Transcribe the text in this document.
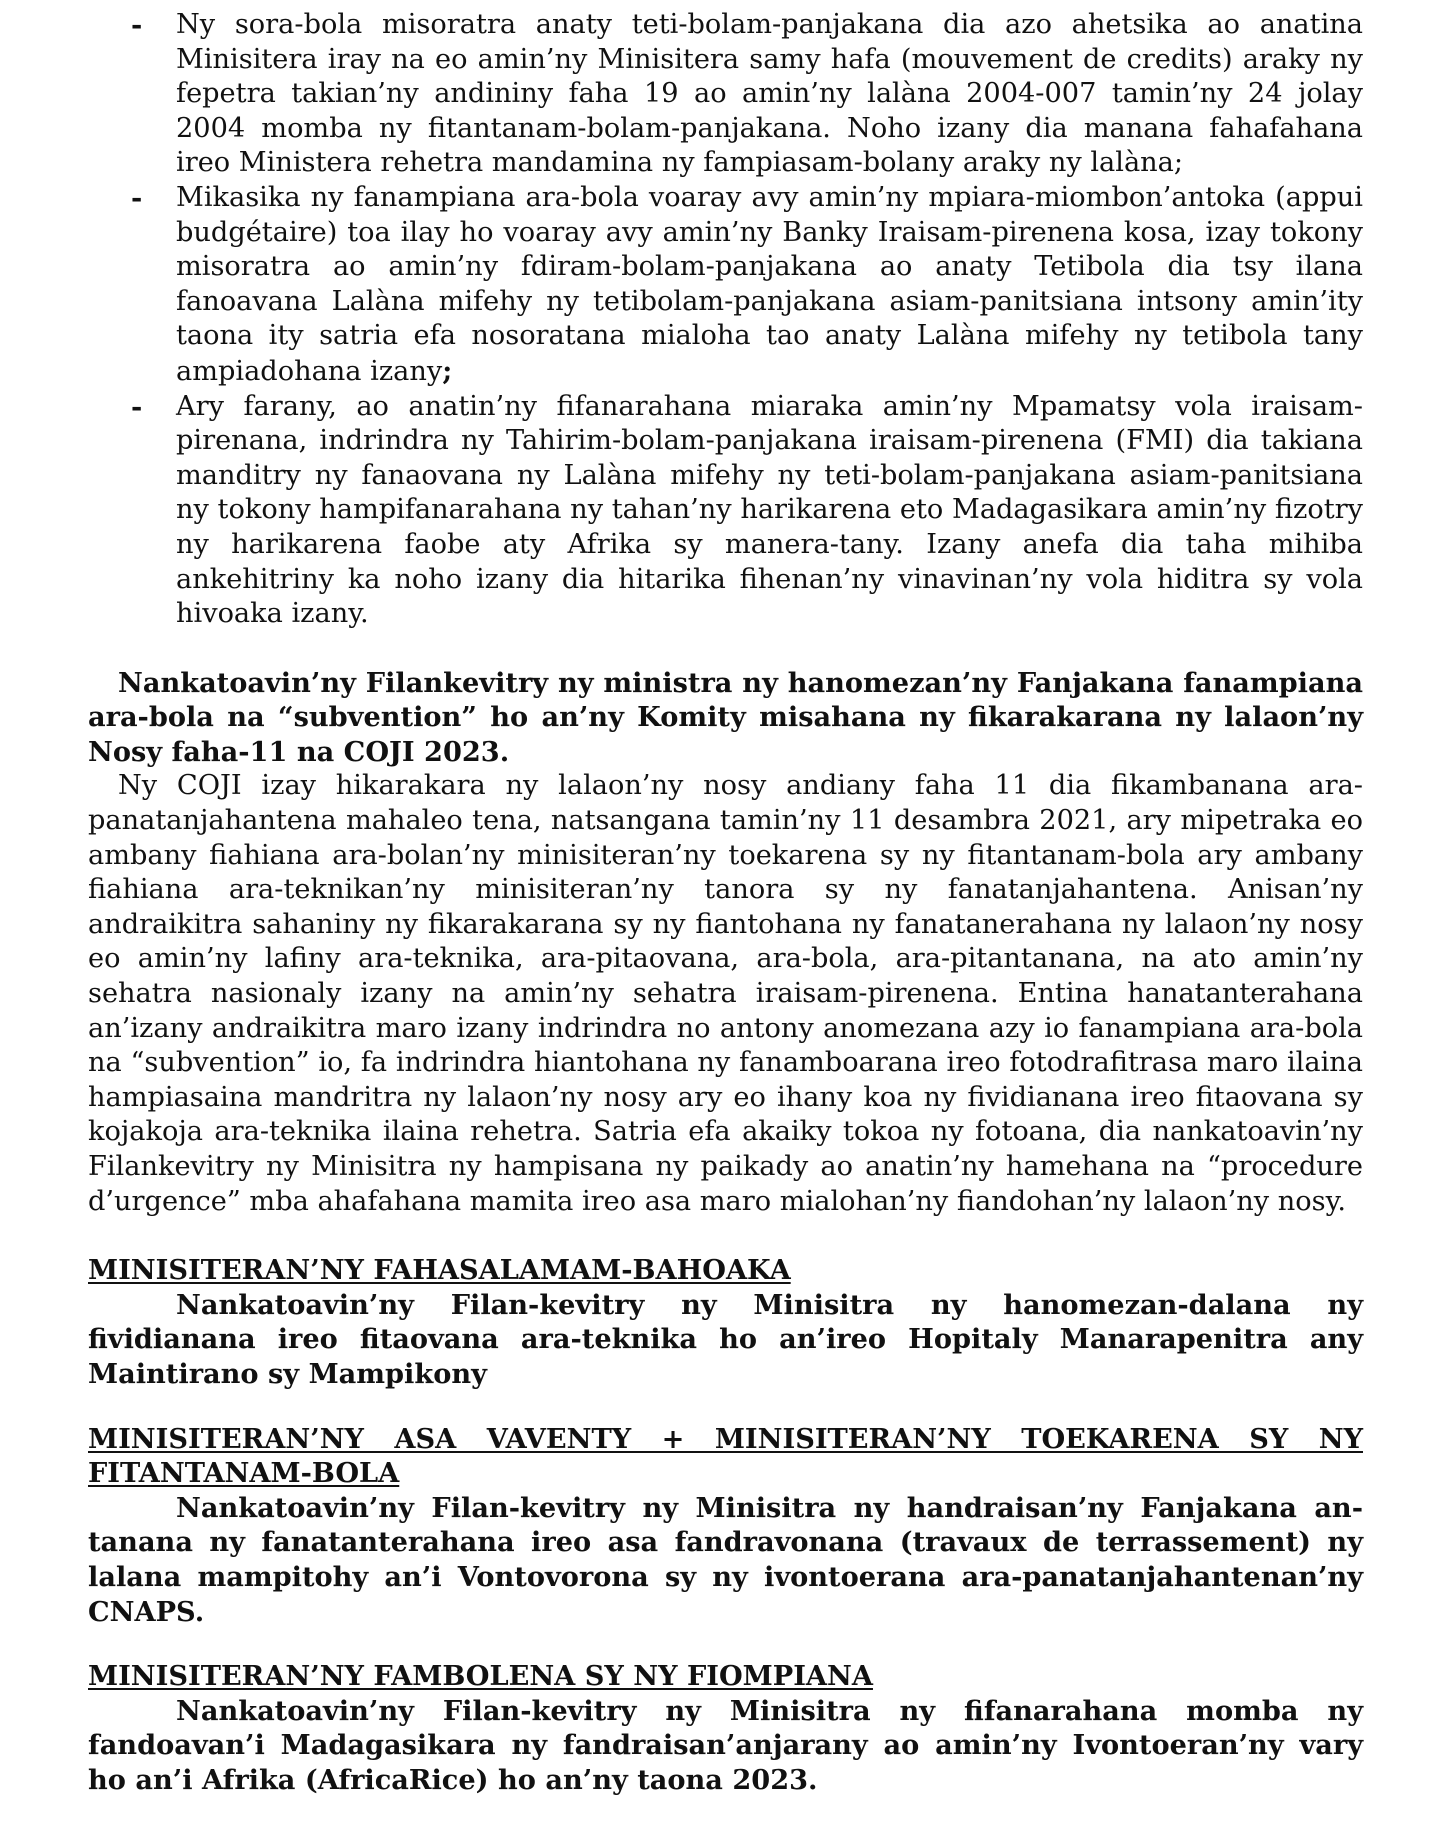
- Ny sora-bola misoratra anaty teti-bolam-panjakana dia azo ahetsika ao anatina Minisitera iray na eo amin’ny Minisitera samy hafa (mouvement de credits) araky ny fepetra takian’ny andininy faha 19 ao amin’ny lalàna 2004-007 tamin’ny 24 jolay 2004 momba ny fitantanam-bolam-panjakana. Noho izany dia manana fahafahana ireo Ministera rehetra mandamina ny fampiasam-bolany araky ny lalàna;
- Mikasika ny fanampiana ara-bola voaray avy amin’ny mpiara-miombon’antoka (appui budgétaire) toa ilay ho voaray avy amin’ny Banky Iraisam-pirenena kosa, izay tokony misoratra ao amin’ny fdiram-bolam-panjakana ao anaty Tetibola dia tsy ilana fanoavana Lalàna mifehy ny tetibolam-panjakana asiam-panitsiana intsony amin’ity taona ity satria efa nosoratana mialoha tao anaty Lalàna mifehy ny tetibola tany ampiadohana izany;
- Ary farany, ao anatin’ny fifanarahana miaraka amin’ny Mpamatsy vola iraisam-pirenana, indrindra ny Tahirim-bolam-panjakana iraisam-pirenena (FMI) dia takiana manditry ny fanaovana ny Lalàna mifehy ny teti-bolam-panjakana asiam-panitsiana ny tokony hampifanarahana ny tahan’ny harikarena eto Madagasikara amin’ny fizotry ny harikarena faobe aty Afrika sy manera-tany. Izany anefa dia taha mihiba ankehitriny ka noho izany dia hitarika fihenan’ny vinavinan’ny vola hiditra sy vola hivoaka izany.

Nankatoavin’ny Filankevitry ny ministra ny hanomezan’ny Fanjakana fanampiana ara-bola na “subvention” ho an’ny Komity misahana ny fikarakarana ny lalaon’ny Nosy faha-11 na COJI 2023.

Ny COJI izay hikarakara ny lalaon’ny nosy andiany faha 11 dia fikambanana ara-panatanjahantena mahaleo tena, natsangana tamin’ny 11 desambra 2021, ary mipetraka eo ambany fiahiana ara-bolan’ny minisiteran’ny toekarena sy ny fitantanam-bola ary ambany fiahiana ara-teknikan’ny minisiteran’ny tanora sy ny fanatanjahantena. Anisan’ny andraikitra sahaniny ny fikarakarana sy ny fiantohana ny fanatanerahana ny lalaon’ny nosy eo amin’ny lafiny ara-teknika, ara-pitaovana, ara-bola, ara-pitantanana, na ato amin’ny sehatra nasionaly izany na amin’ny sehatra iraisam-pirenena. Entina hanatanterahana an’izany andraikitra maro izany indrindra no antony anomezana azy io fanampiana ara-bola na “subvention” io, fa indrindra hiantohana ny fanamboarana ireo fotodrafitrasa maro ilaina hampiasaina mandritra ny lalaon’ny nosy ary eo ihany koa ny fividianana ireo fitaovana sy kojakoja ara-teknika ilaina rehetra. Satria efa akaiky tokoa ny fotoana, dia nankatoavin’ny Filankevitry ny Minisitra ny hampisana ny paikady ao anatin’ny hamehana na “procedure d’urgence” mba ahafahana mamita ireo asa maro mialohan’ny fiandohan’ny lalaon’ny nosy.

MINISITERAN’NY FAHASALAMAM-BAHOAKA

Nankatoavin’ny Filan-kevitry ny Minisitra ny hanomezan-dalana ny fividianana ireo fitaovana ara-teknika ho an’ireo Hopitaly Manarapenitra any Maintirano sy Mampikony

MINISITERAN’NY ASA VAVENTY + MINISITERAN’NY TOEKARENA SY NY FITANTANAM-BOLA

Nankatoavin’ny Filan-kevitry ny Minisitra ny handraisan’ny Fanjakana an-tanana ny fanatanterahana ireo asa fandravonana (travaux de terrassement) ny lalana mampitohy an’i Vontovorona sy ny ivontoerana ara-panatanjahantenan’ny CNAPS.

MINISITERAN’NY FAMBOLENA SY NY FIOMPIANA

Nankatoavin’ny Filan-kevitry ny Minisitra ny fifanarahana momba ny fandoavan’i Madagasikara ny fandraisan’anjarany ao amin’ny Ivontoeran’ny vary ho an’i Afrika (AfricaRice) ho an’ny taona 2023.
